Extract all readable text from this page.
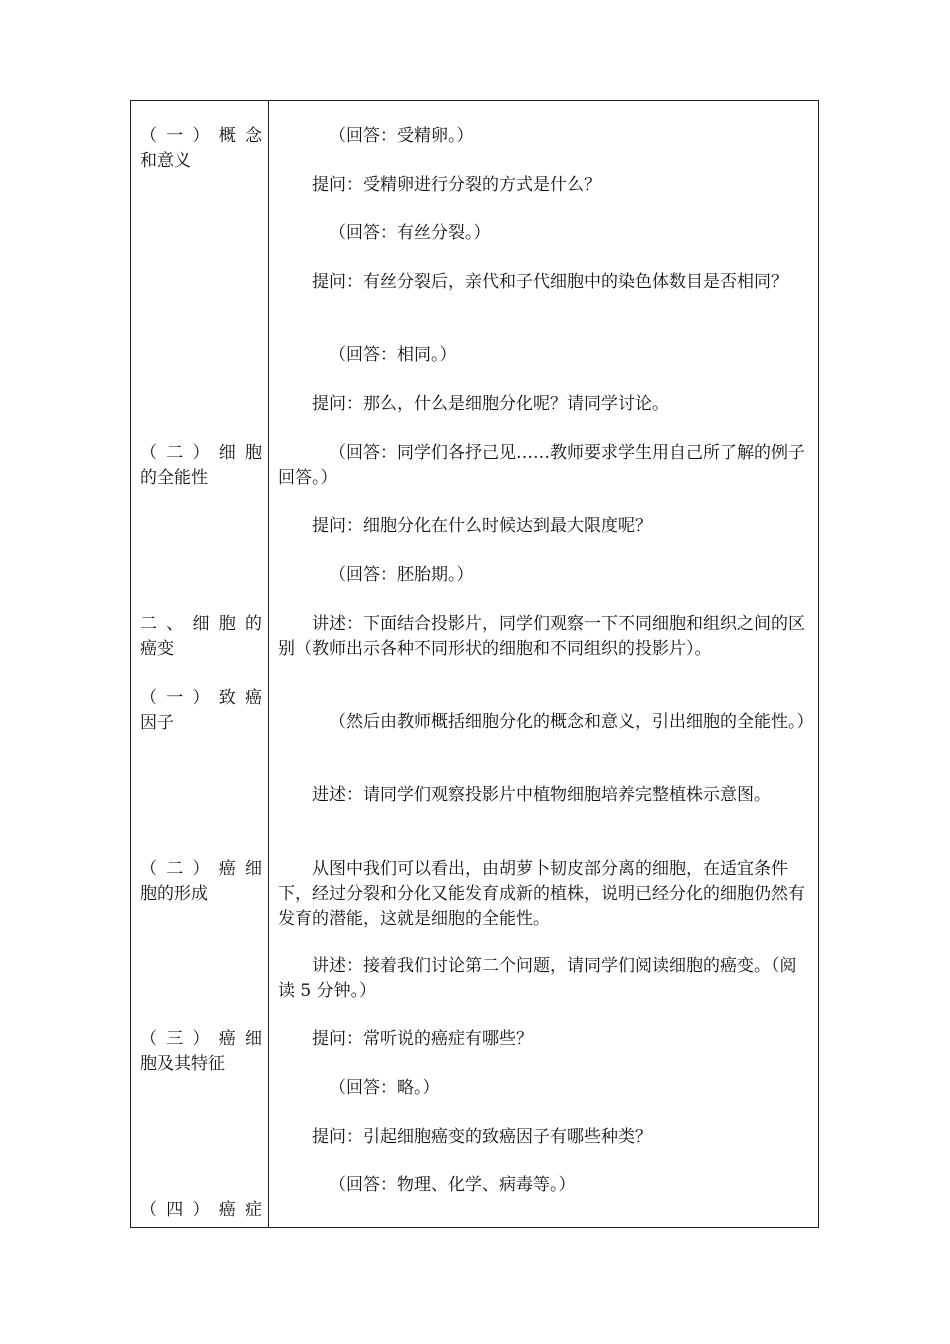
（一）概念
和意义
（二）细胞
的全能性
二、细胞的
癌变
（一）致癌
因子
（二）癌细
胞的形成
（三）癌细
胞及其特征
（四）癌症
（回答：受精卵。）
提问：受精卵进行分裂的方式是什么？
（回答：有丝分裂。）
提问：有丝分裂后，亲代和子代细胞中的染色体数目是否相同？
（回答：相同。）
提问：那么，什么是细胞分化呢？请同学讨论。
（回答：同学们各抒己见……教师要求学生用自己所了解的例子回答。）
提问：细胞分化在什么时候达到最大限度呢？
（回答：胚胎期。）
讲述：下面结合投影片，同学们观察一下不同细胞和组织之间的区别（教师出示各种不同形状的细胞和不同组织的投影片）。
（然后由教师概括细胞分化的概念和意义，引出细胞的全能性。）
进述：请同学们观察投影片中植物细胞培养完整植株示意图。
从图中我们可以看出，由胡萝卜韧皮部分离的细胞，在适宜条件下，经过分裂和分化又能发育成新的植株，说明已经分化的细胞仍然有发育的潜能，这就是细胞的全能性。
讲述：接着我们讨论第二个问题，请同学们阅读细胞的癌变。（阅读 5 分钟。）
提问：常听说的癌症有哪些？
（回答：略。）
提问：引起细胞癌变的致癌因子有哪些种类？
（回答：物理、化学、病毒等。）
